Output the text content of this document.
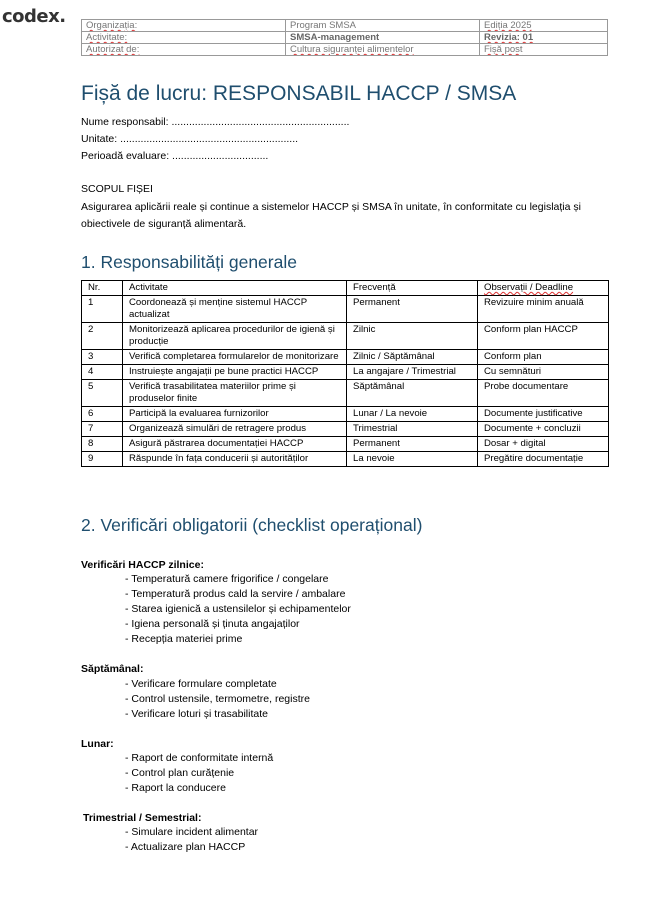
codex. Organizația:	Program SMSA	Ediția 2025
Activitate:	SMSA-management	Revizia: 01
Autorizat de:	Cultura siguranței alimentelor	Fișă post
Fișă de lucru: RESPONSABIL HACCP / SMSA
Nume responsabil: .............................................................
Unitate: .............................................................
Perioadă evaluare: .................................
SCOPUL FIȘEI
Asigurarea aplicării reale și continue a sistemelor HACCP și SMSA în unitate, în conformitate cu legislația și obiectivele de siguranță alimentară.
1. Responsabilități generale
Nr.	Activitate	Frecvență	Observații / Deadline
1	Coordonează și menține sistemul HACCP actualizat	Permanent	Revizuire minim anuală
2	Monitorizează aplicarea procedurilor de igienă și producție	Zilnic	Conform plan HACCP
3	Verifică completarea formularelor de monitorizare	Zilnic / Săptămânal	Conform plan
4	Instruiește angajații pe bune practici HACCP	La angajare / Trimestrial	Cu semnături
5	Verifică trasabilitatea materiilor prime și produselor finite	Săptămânal	Probe documentare
6	Participă la evaluarea furnizorilor	Lunar / La nevoie	Documente justificative
7	Organizează simulări de retragere produs	Trimestrial	Documente + concluzii
8	Asigură păstrarea documentației HACCP	Permanent	Dosar + digital
9	Răspunde în fața conducerii și autorităților	La nevoie	Pregătire documentație
2. Verificări obligatorii (checklist operațional)
Verificări HACCP zilnice:
- Temperatură camere frigorifice / congelare
- Temperatură produs cald la servire / ambalare
- Starea igienică a ustensilelor și echipamentelor
- Igiena personală și ținuta angajaților
- Recepția materiei prime
Săptămânal:
- Verificare formulare completate
- Control ustensile, termometre, registre
- Verificare loturi și trasabilitate
Lunar:
- Raport de conformitate internă
- Control plan curățenie
- Raport la conducere
Trimestrial / Semestrial:
- Simulare incident alimentar
- Actualizare plan HACCP
